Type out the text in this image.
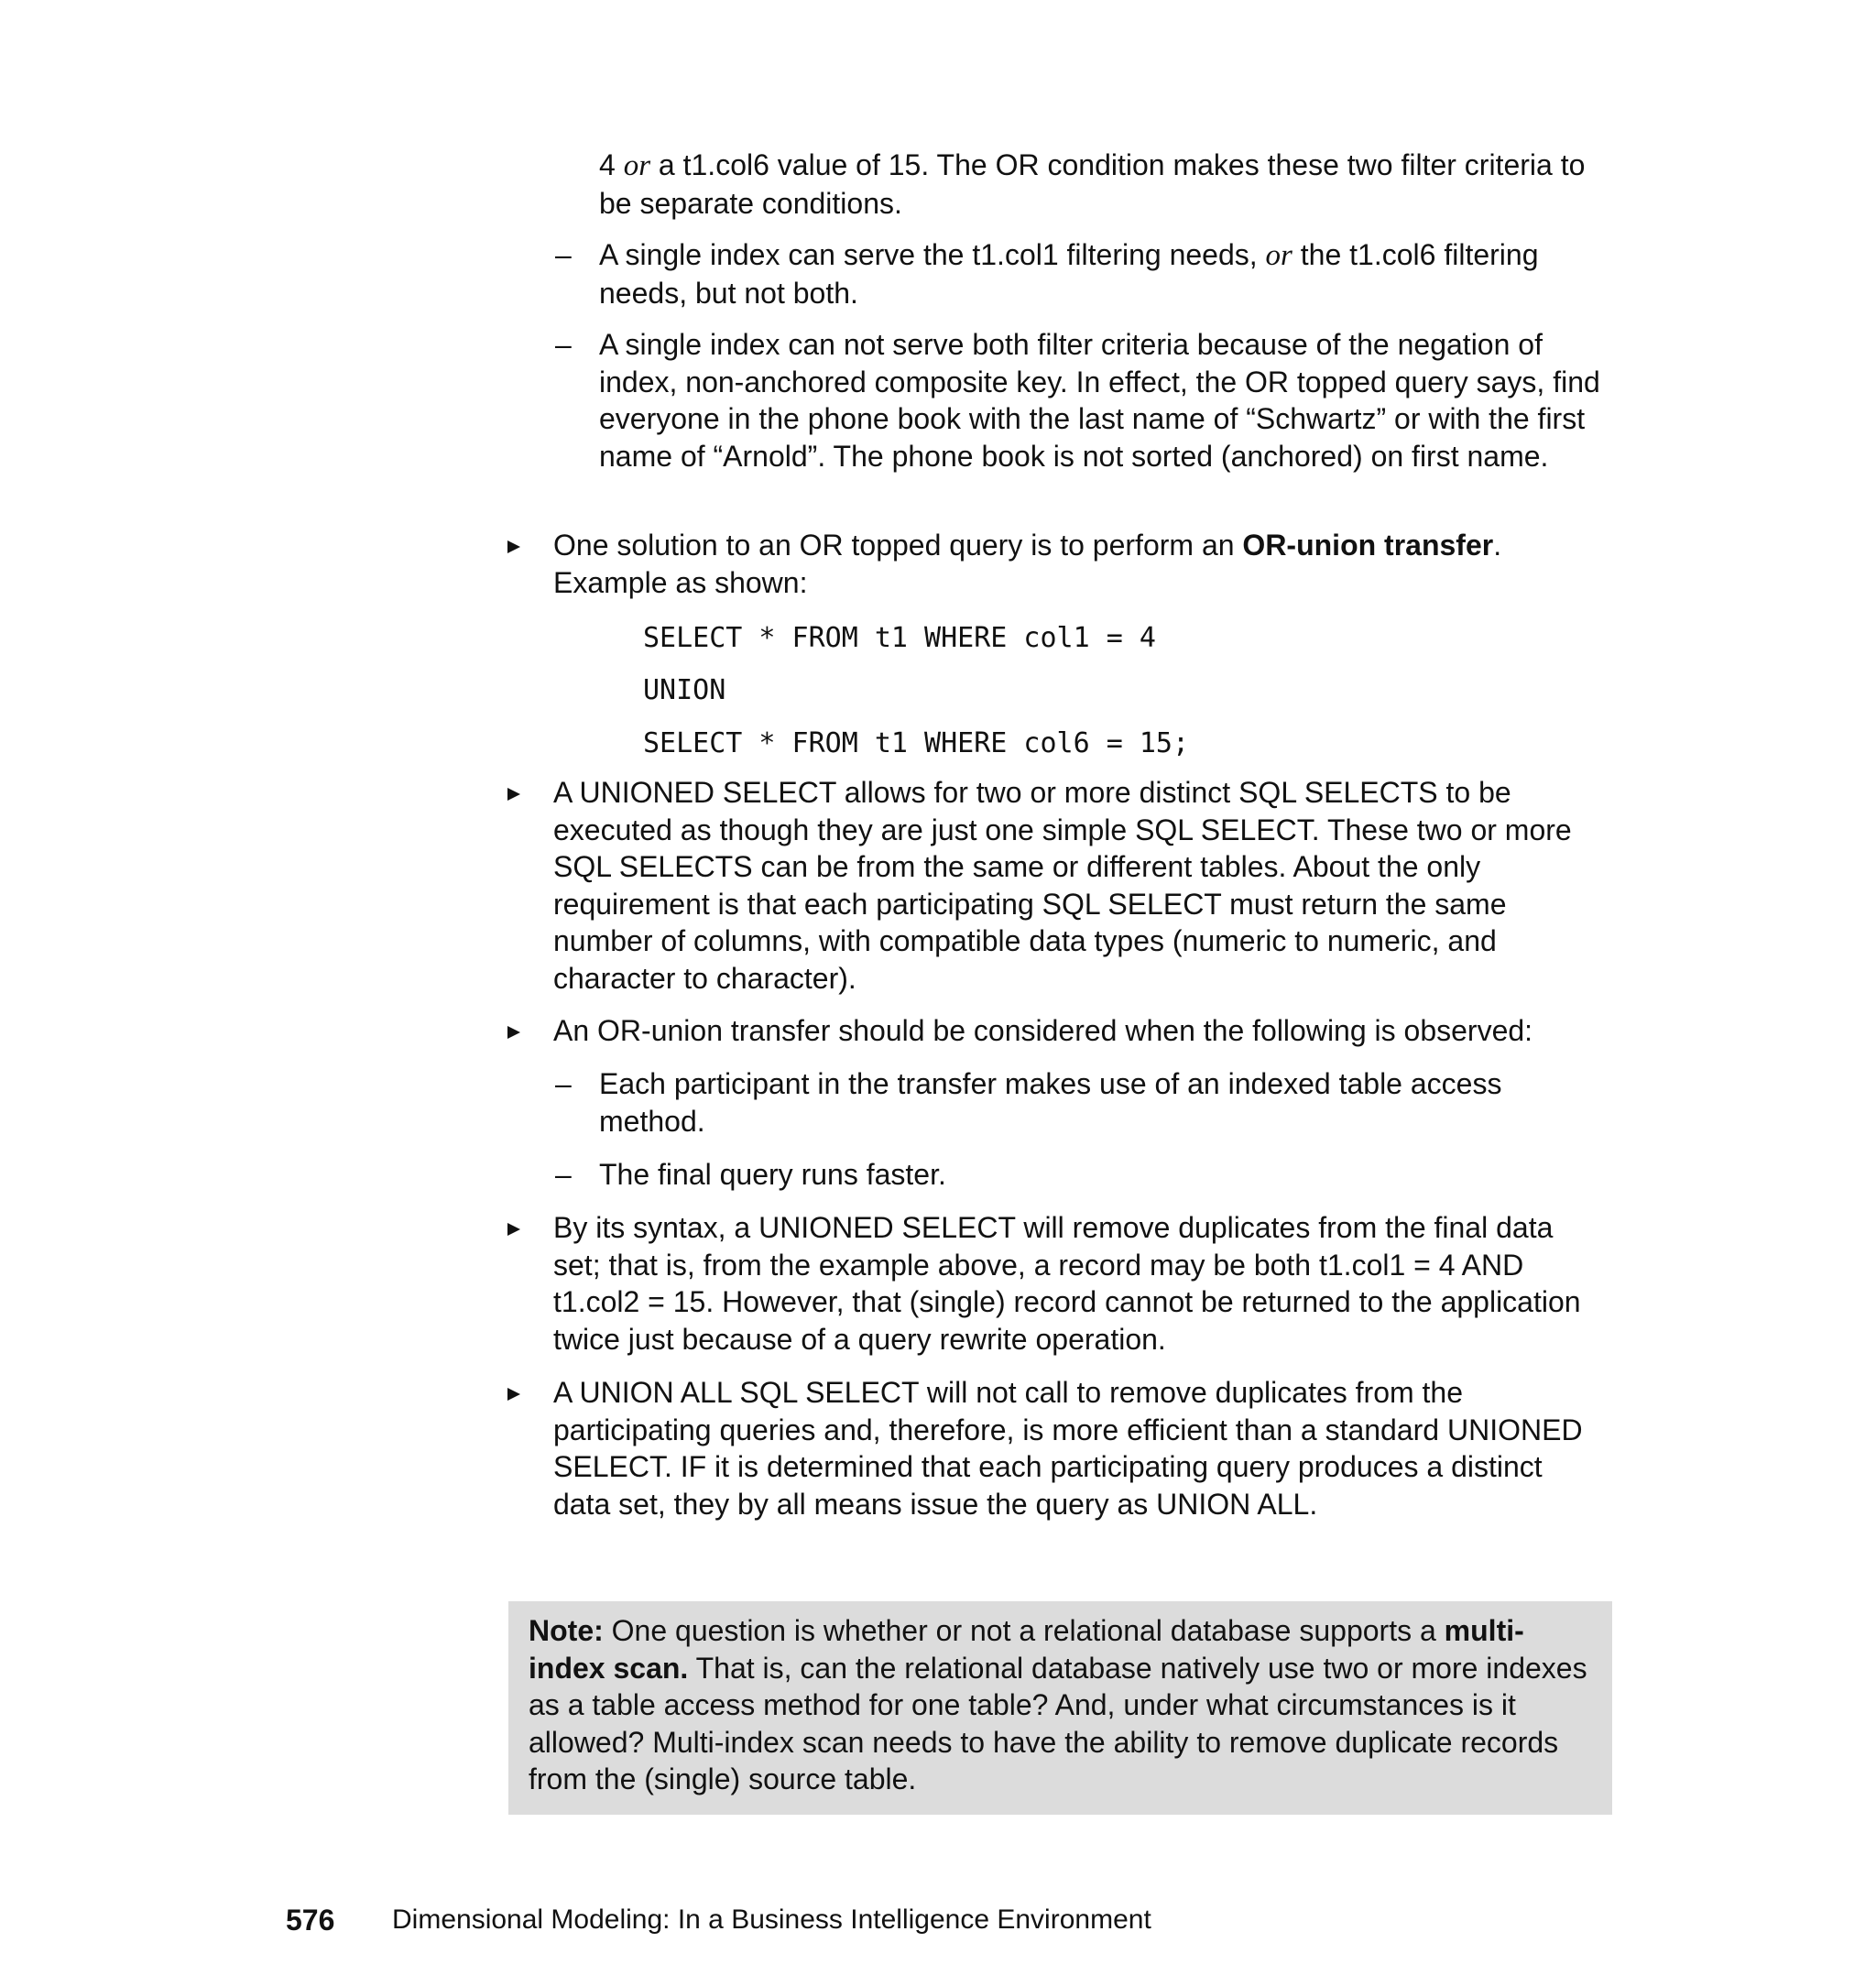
4 or a t1.col6 value of 15. The OR condition makes these two filter criteria to be separate conditions.
– A single index can serve the t1.col1 filtering needs, or the t1.col6 filtering needs, but not both.
– A single index can not serve both filter criteria because of the negation of index, non-anchored composite key. In effect, the OR topped query says, find everyone in the phone book with the last name of “Schwartz” or with the first name of “Arnold”. The phone book is not sorted (anchored) on first name.
One solution to an OR topped query is to perform an OR-union transfer. Example as shown:
SELECT * FROM t1 WHERE col1 = 4
UNION
SELECT * FROM t1 WHERE col6 = 15;
A UNIONED SELECT allows for two or more distinct SQL SELECTS to be executed as though they are just one simple SQL SELECT. These two or more SQL SELECTS can be from the same or different tables. About the only requirement is that each participating SQL SELECT must return the same number of columns, with compatible data types (numeric to numeric, and character to character).
An OR-union transfer should be considered when the following is observed:
– Each participant in the transfer makes use of an indexed table access method.
– The final query runs faster.
By its syntax, a UNIONED SELECT will remove duplicates from the final data set; that is, from the example above, a record may be both t1.col1 = 4 AND t1.col2 = 15. However, that (single) record cannot be returned to the application twice just because of a query rewrite operation.
A UNION ALL SQL SELECT will not call to remove duplicates from the participating queries and, therefore, is more efficient than a standard UNIONED SELECT. IF it is determined that each participating query produces a distinct data set, they by all means issue the query as UNION ALL.
Note: One question is whether or not a relational database supports a multi-index scan. That is, can the relational database natively use two or more indexes as a table access method for one table? And, under what circumstances is it allowed? Multi-index scan needs to have the ability to remove duplicate records from the (single) source table.
576 Dimensional Modeling: In a Business Intelligence Environment
